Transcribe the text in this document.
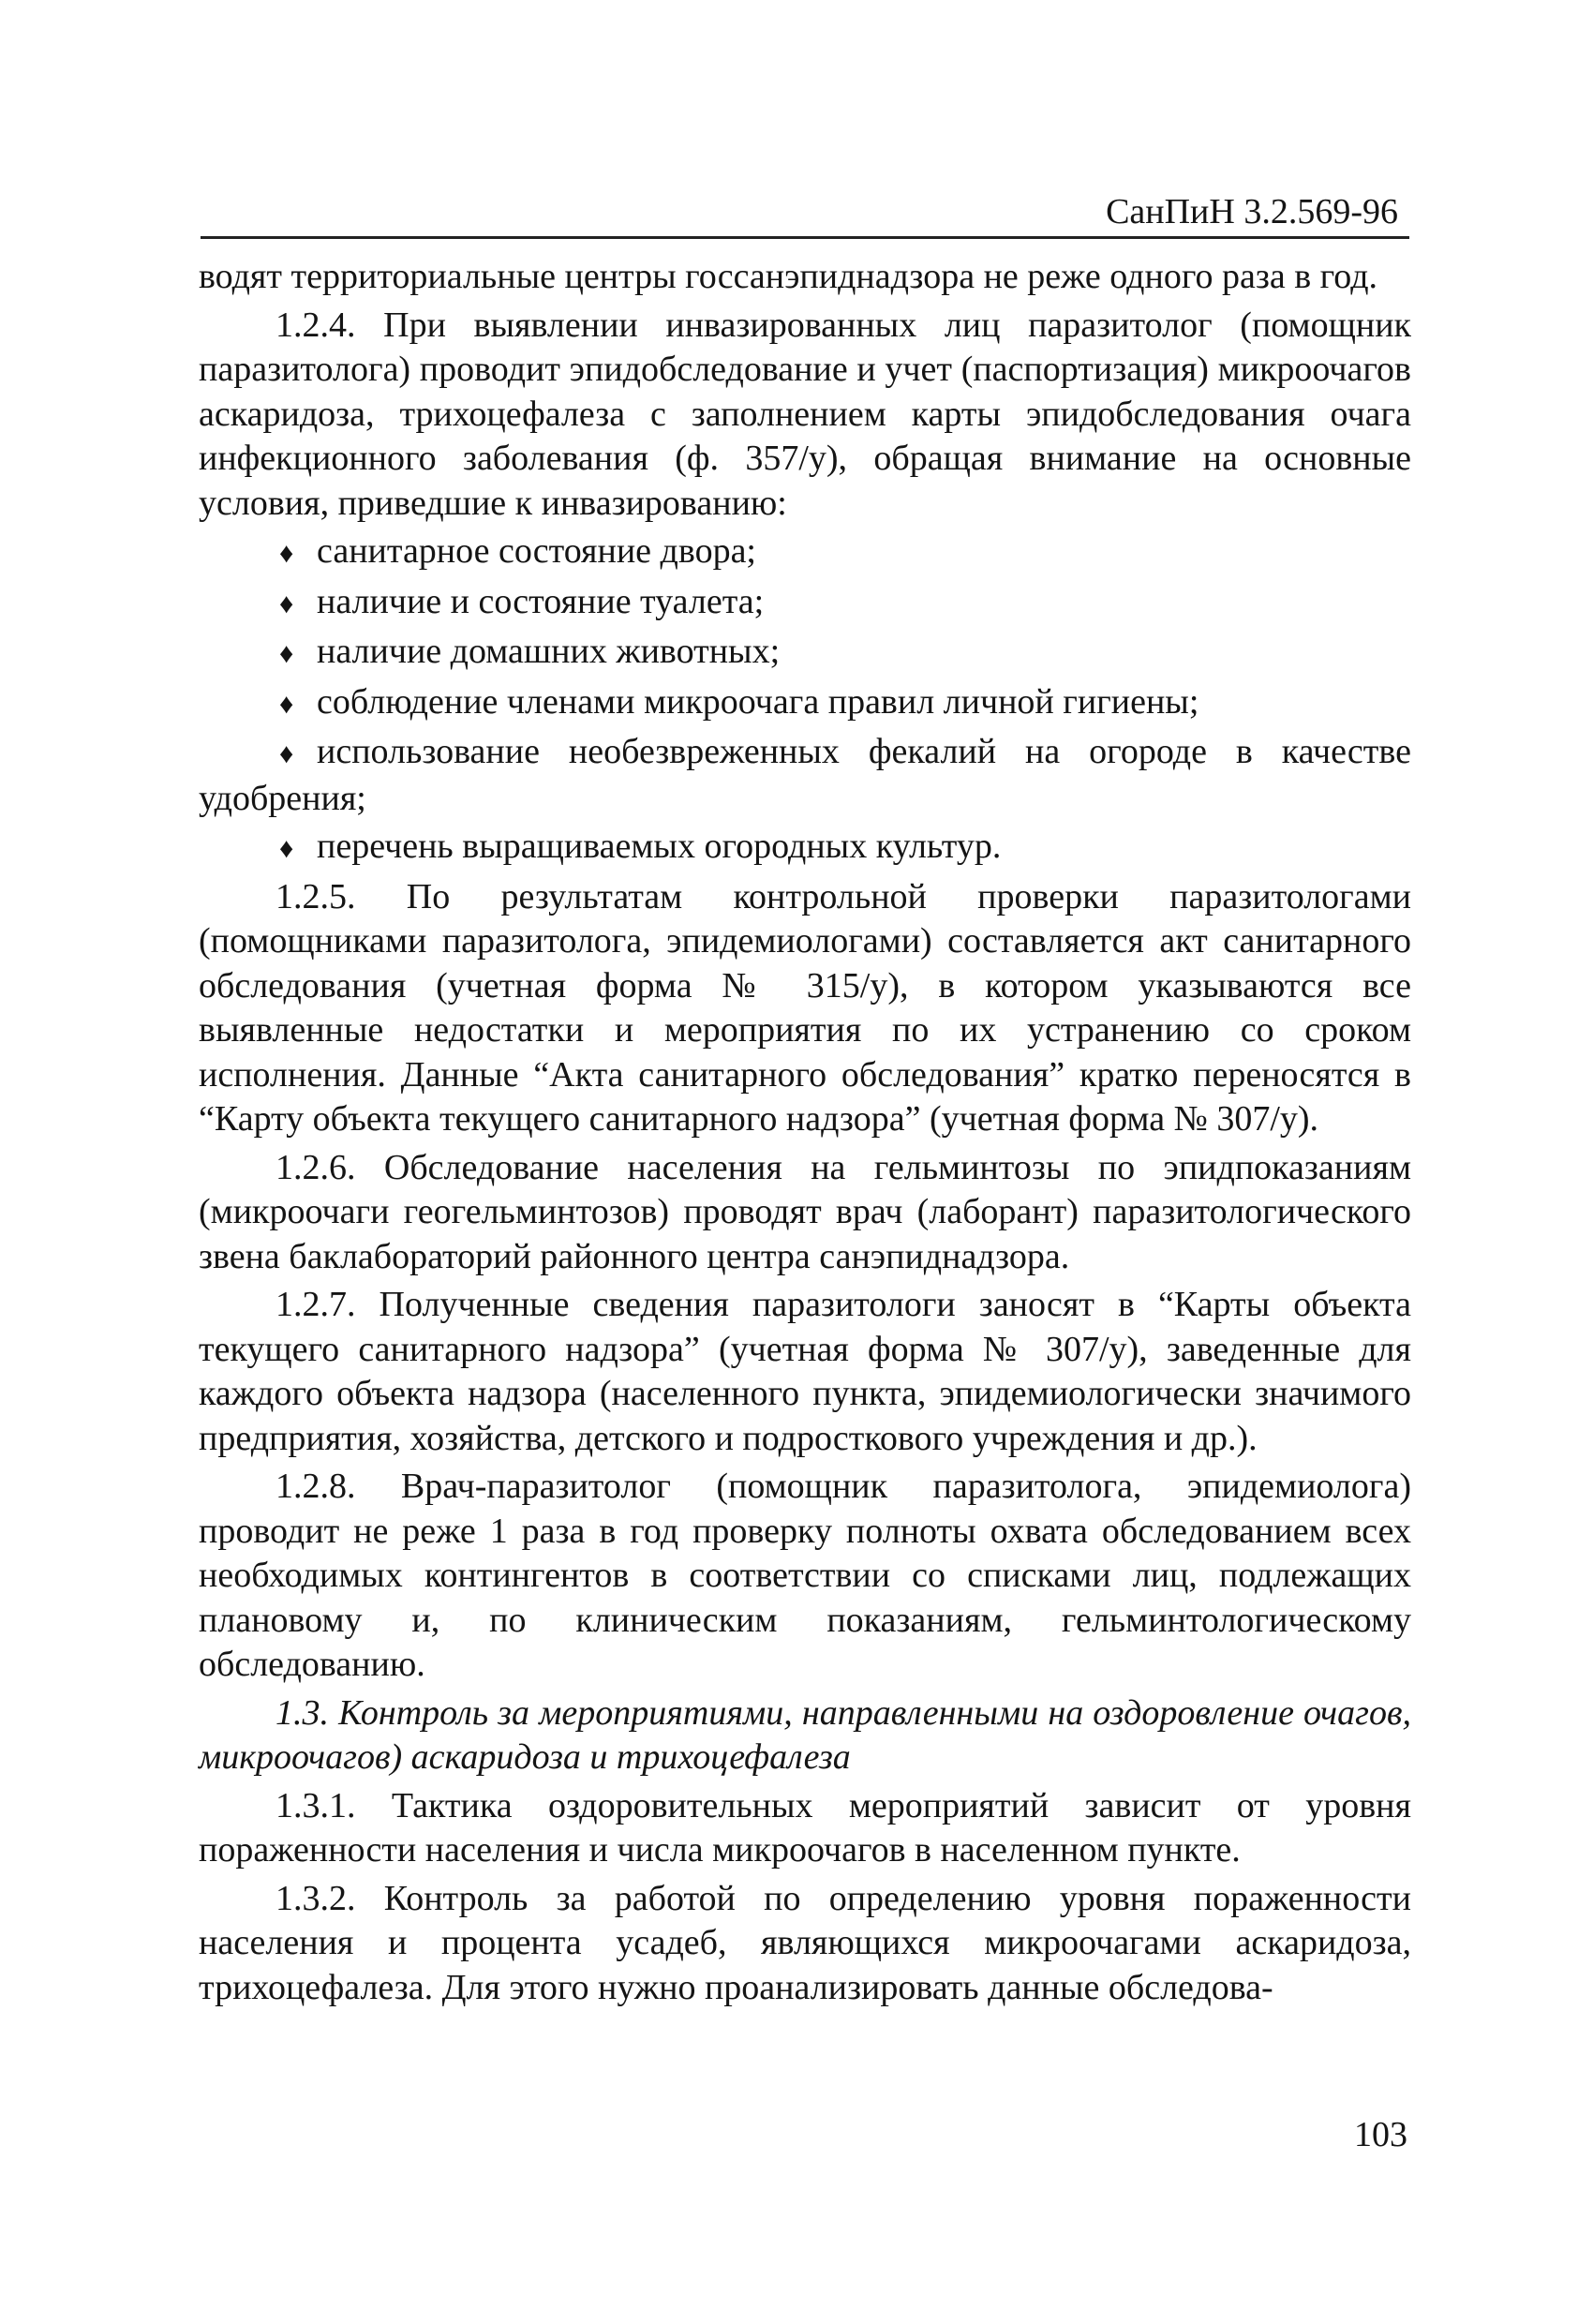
СанПиН 3.2.569-96

водят территориальные центры госсанэпиднадзора не реже одного раза в год.

1.2.4. При выявлении инвазированных лиц паразитолог (помощник паразитолога) проводит эпидобследование и учет (паспортизация) микроочагов аскаридоза, трихоцефалеза с заполнением карты эпидобследования очага инфекционного заболевания (ф. 357/у), обращая внимание на основные условия, приведшие к инвазированию:

♦ санитарное состояние двора;

♦ наличие и состояние туалета;

♦ наличие домашних животных;

♦ соблюдение членами микроочага правил личной гигиены;

♦ использование необезвреженных фекалий на огороде в качестве удобрения;

♦ перечень выращиваемых огородных культур.

1.2.5. По результатам контрольной проверки паразитологами (помощниками паразитолога, эпидемиологами) составляется акт санитарного обследования (учетная форма № 315/у), в котором указываются все выявленные недостатки и мероприятия по их устранению со сроком исполнения. Данные “Акта санитарного обследования” кратко переносятся в “Карту объекта текущего санитарного надзора” (учетная форма № 307/у).

1.2.6. Обследование населения на гельминтозы по эпидпоказаниям (микроочаги геогельминтозов) проводят врач (лаборант) паразитологического звена баклабораторий районного центра санэпиднадзора.

1.2.7. Полученные сведения паразитологи заносят в “Карты объекта текущего санитарного надзора” (учетная форма № 307/у), заведенные для каждого объекта надзора (населенного пункта, эпидемиологически значимого предприятия, хозяйства, детского и подросткового учреждения и др.).

1.2.8. Врач-паразитолог (помощник паразитолога, эпидемиолога) проводит не реже 1 раза в год проверку полноты охвата обследованием всех необходимых контингентов в соответствии со списками лиц, подлежащих плановому и, по клиническим показаниям, гельминтологическому обследованию.

1.3. Контроль за мероприятиями, направленными на оздоровление очагов, микроочагов) аскаридоза и трихоцефалеза

1.3.1. Тактика оздоровительных мероприятий зависит от уровня пораженности населения и числа микроочагов в населенном пункте.

1.3.2. Контроль за работой по определению уровня пораженности населения и процента усадеб, являющихся микроочагами аскаридоза, трихоцефалеза. Для этого нужно проанализировать данные обследова-

103
